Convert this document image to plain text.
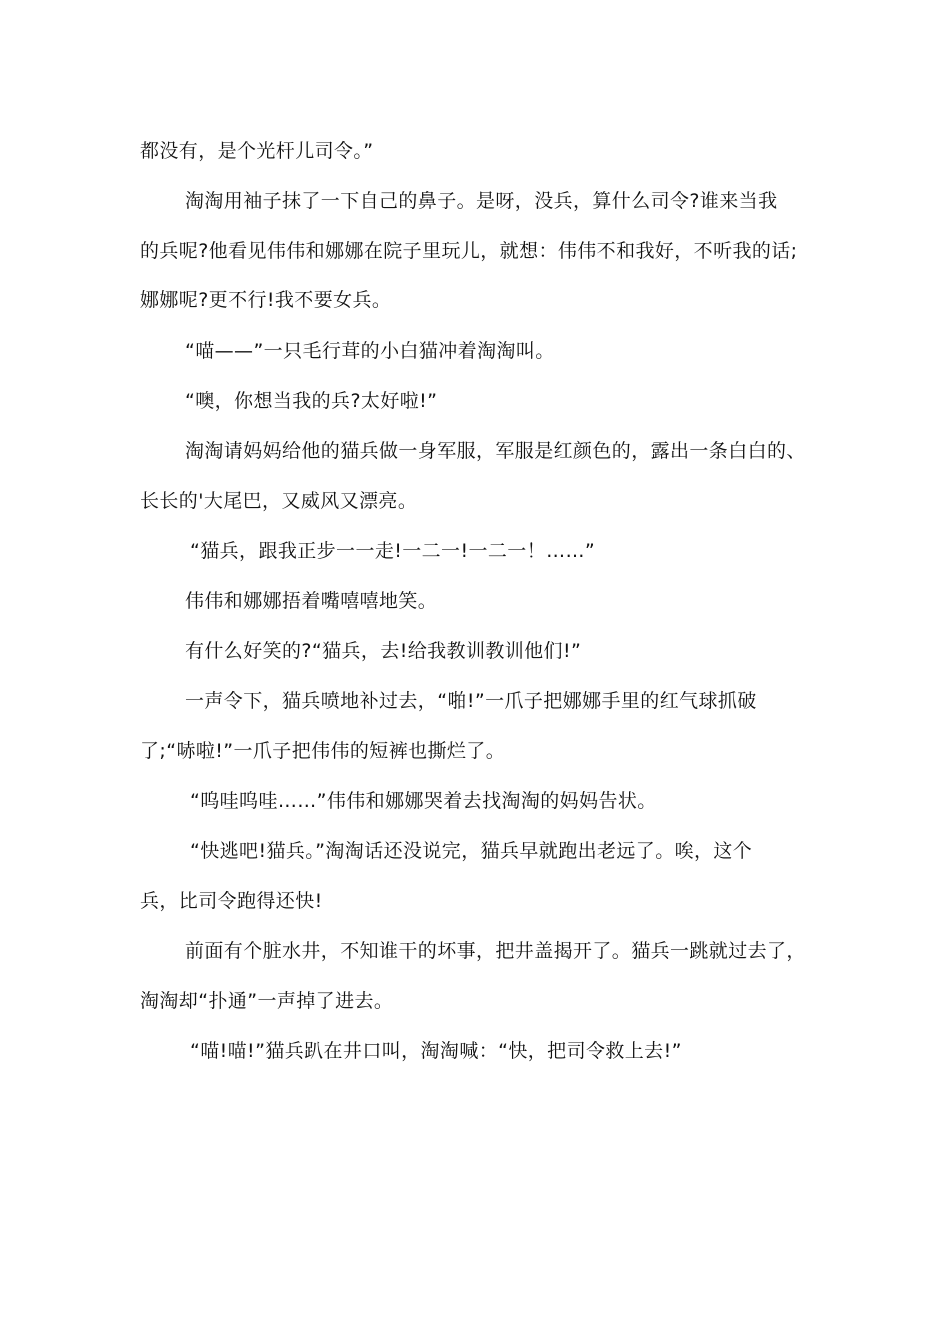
都没有，是个光杆儿司令。”
淘淘用袖子抹了一下自己的鼻子。是呀，没兵，算什么司令?谁来当我
的兵呢?他看见伟伟和娜娜在院子里玩儿，就想：伟伟不和我好，不听我的话;
娜娜呢?更不行!我不要女兵。
“喵——”一只毛行茸的小白猫冲着淘淘叫。
“噢，你想当我的兵?太好啦!”
淘淘请妈妈给他的猫兵做一身军服，军服是红颜色的，露出一条白白的、
长长的'大尾巴，又威风又漂亮。
“猫兵，跟我正步一一走!一二一!一二一！……”
伟伟和娜娜捂着嘴嘻嘻地笑。
有什么好笑的?“猫兵，去!给我教训教训他们!”
一声令下，猫兵喷地补过去，“啪!”一爪子把娜娜手里的红气球抓破
了;“哧啦!”一爪子把伟伟的短裤也撕烂了。
“呜哇呜哇……”伟伟和娜娜哭着去找淘淘的妈妈告状。
“快逃吧!猫兵。”淘淘话还没说完，猫兵早就跑出老远了。唉，这个
兵，比司令跑得还快!
前面有个脏水井，不知谁干的坏事，把井盖揭开了。猫兵一跳就过去了，
淘淘却“扑通”一声掉了进去。
“喵!喵!”猫兵趴在井口叫，淘淘喊：“快，把司令救上去!”
